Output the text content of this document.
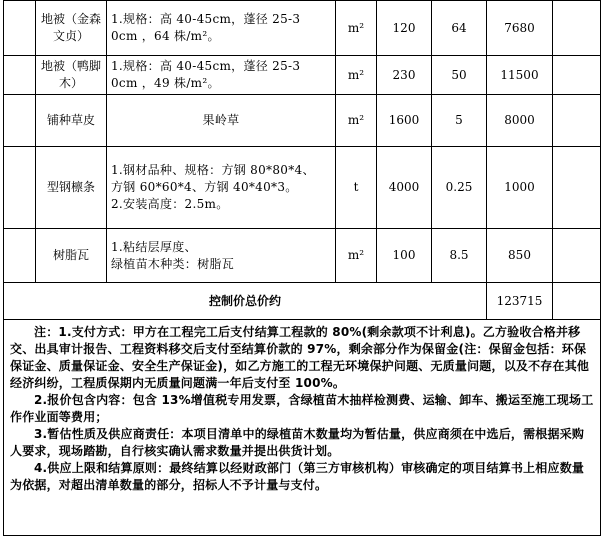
	地被（金森
文贞）	1.规格：高 40-45cm，蓬径 25-3
0cm ，64 株/m²。	m²	120	64	7680	

	地被（鸭脚
木）	1.规格：高 40-45cm，蓬径 25-3
0cm ，49 株/m²。	m²	230	50	11500	

	铺种草皮	果岭草	m²	1600	5	8000	

	型钢檩条	1.钢材品种、规格：方钢 80*80*4、
方钢 60*60*4、方钢 40*40*3。
2.安装高度：2.5m。	t	4000	0.25	1000	

	树脂瓦	1.粘结层厚度、
绿植苗木种类：树脂瓦	m²	100	8.5	850	
控制价总价约						123715	

注：1.支付方式：甲方在工程完工后支付结算工程款的 80%(剩余款项不计利息)。乙方验收合格并移交、出具审计报告、工程资料移交后支付至结算价款的 97%，剩余部分作为保留金(注：保留金包括：环保保证金、质量保证金、安全生产保证金)，如乙方施工的工程无环境保护问题、无质量问题，以及不存在其他经济纠纷，工程质保期内无质量问题满一年后支付至 100%。

2.报价包含内容：包含 13%增值税专用发票，含绿植苗木抽样检测费、运输、卸车、搬运至施工现场工作作业面等费用；

3.暂估性质及供应商责任：本项目清单中的绿植苗木数量均为暂估量，供应商须在中选后，需根据采购人要求，现场踏勘，自行核实确认需求数量并提出供货计划。

4.供应上限和结算原则：最终结算以经财政部门（第三方审核机构）审核确定的项目结算书上相应数量为依据，对超出清单数量的部分，招标人不予计量与支付。							
